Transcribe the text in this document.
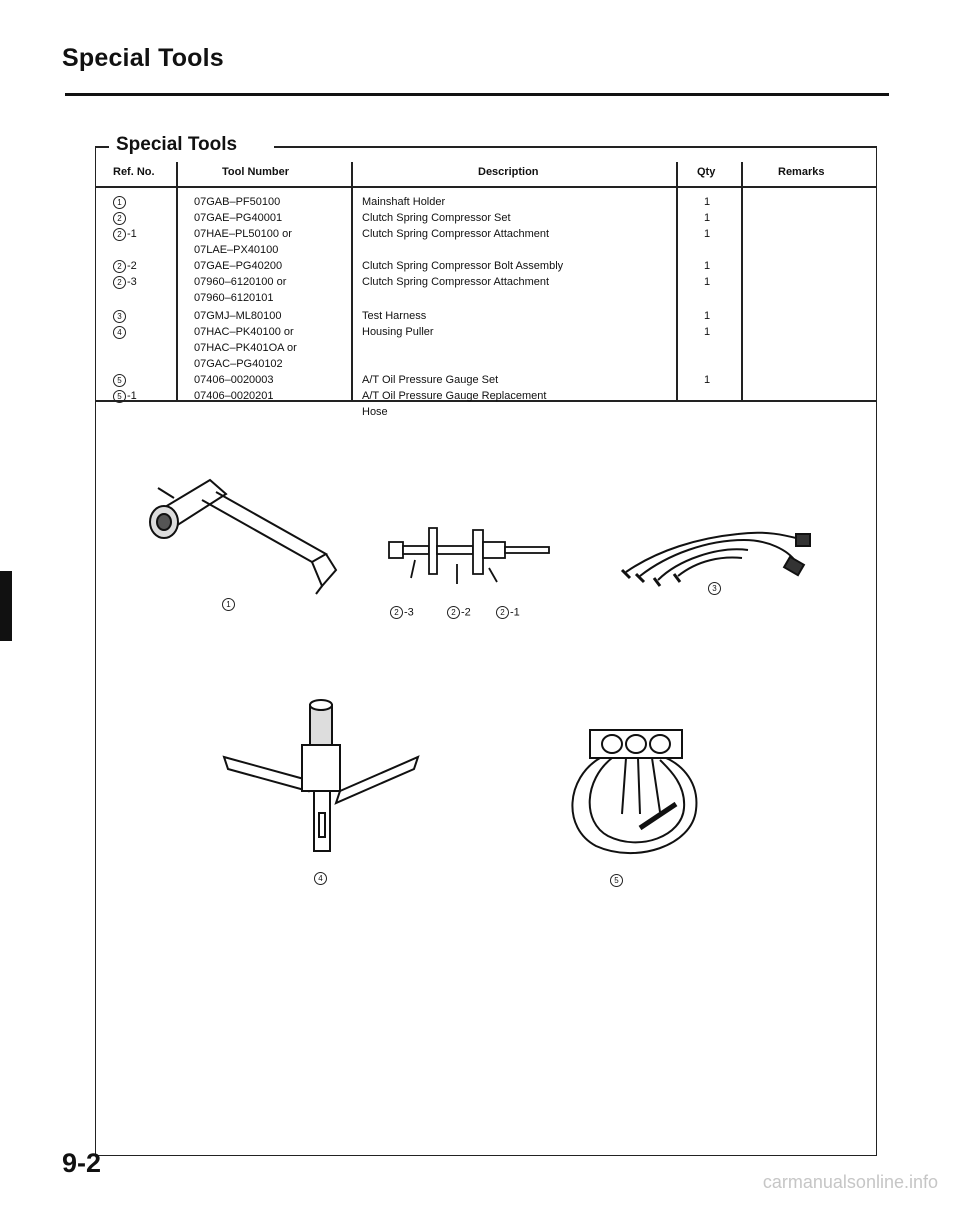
Special Tools
Special Tools
Ref. No.	Tool Number	Description	Qty	Remarks
1	07GAB–PF50100	Mainshaft Holder	1
2	07GAE–PG40001	Clutch Spring Compressor Set	1
2 -1	07HAE–PL50100 or	Clutch Spring Compressor Attachment	1
07LAE–PX40100
2 -2	07GAE–PG40200	Clutch Spring Compressor Bolt Assembly	1
2 -3	07960–6120100 or	Clutch Spring Compressor Attachment	1
07960–6120101
3	07GMJ–ML80100	Test Harness	1
4	07HAC–PK40100 or	Housing Puller	1
07HAC–PK401OA or
07GAC–PG40102
5	07406–0020003	A/T Oil Pressure Gauge Set	1
5 -1	07406–0020201	A/T Oil Pressure Gauge Replacement
Hose
1
2 -3	2 -2	2 -1
3
4	5
9-2
carmanualsonline.info
